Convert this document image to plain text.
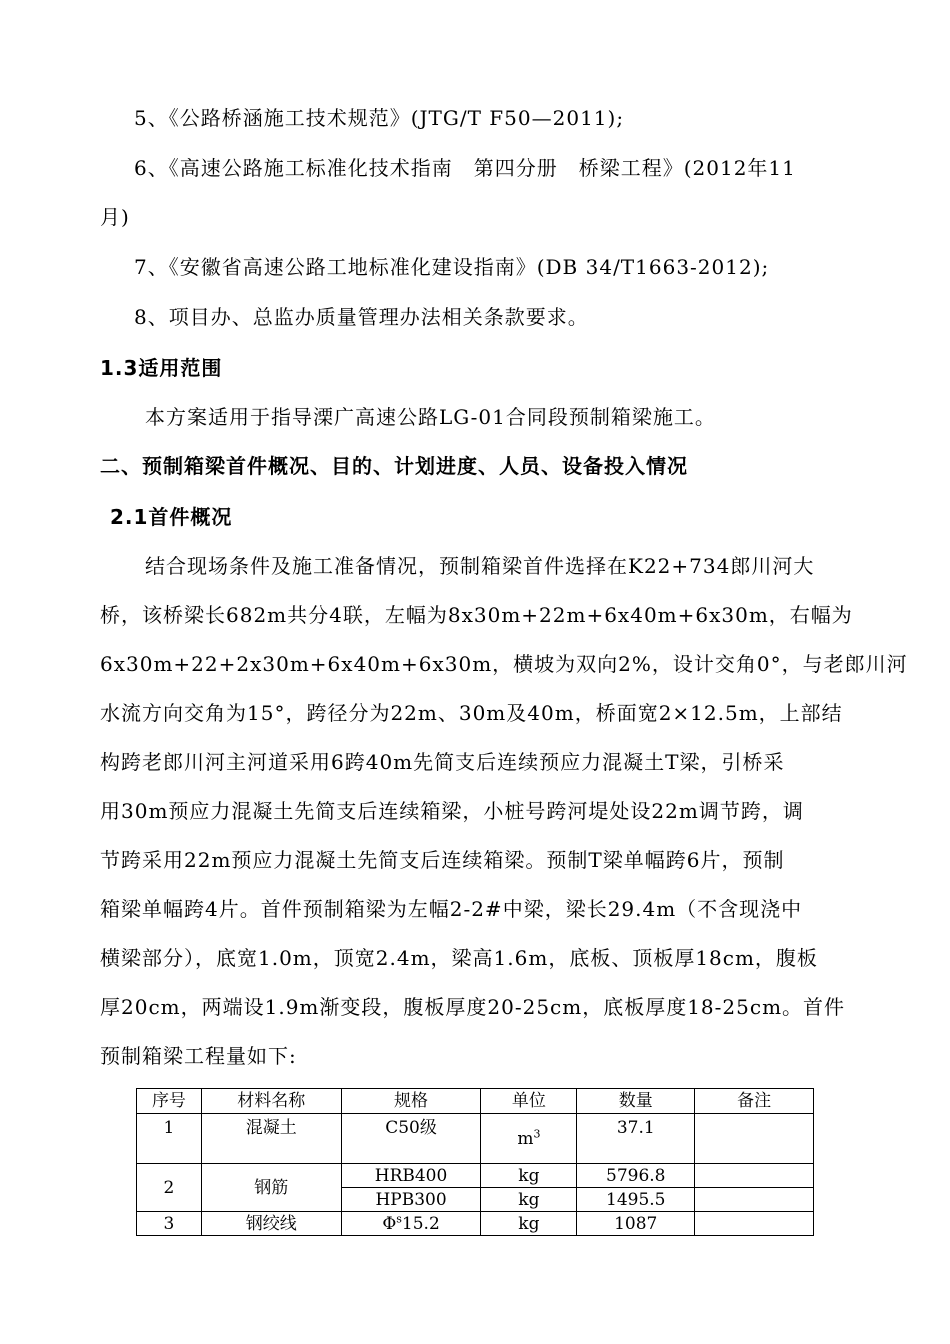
5、《公路桥涵施工技术规范》(JTG/T F50—2011);
6、《高速公路施工标准化技术指南　第四分册　桥梁工程》(2012年11
月)
7、《安徽省高速公路工地标准化建设指南》(DB 34/T1663-2012);
8、项目办、总监办质量管理办法相关条款要求。
1.3适用范围
本方案适用于指导溧广高速公路LG-01合同段预制箱梁施工。
二、预制箱梁首件概况、目的、计划进度、人员、设备投入情况
2.1首件概况
结合现场条件及施工准备情况，预制箱梁首件选择在K22+734郎川河大
桥，该桥梁长682m共分4联，左幅为8x30m+22m+6x40m+6x30m，右幅为
6x30m+22+2x30m+6x40m+6x30m，横坡为双向2%，设计交角0°，与老郎川河
水流方向交角为15°，跨径分为22m、30m及40m，桥面宽2×12.5m，上部结
构跨老郎川河主河道采用6跨40m先简支后连续预应力混凝土T梁，引桥采
用30m预应力混凝土先简支后连续箱梁，小桩号跨河堤处设22m调节跨，调
节跨采用22m预应力混凝土先简支后连续箱梁。预制T梁单幅跨6片，预制
箱梁单幅跨4片。首件预制箱梁为左幅2-2#中梁，梁长29.4m（不含现浇中
横梁部分），底宽1.0m，顶宽2.4m，梁高1.6m，底板、顶板厚18cm，腹板
厚20cm，两端设1.9m渐变段，腹板厚度20-25cm，底板厚度18-25cm。首件
预制箱梁工程量如下:
序号	材料名称	规格	单位	数量	备注
1	混凝土	C50级	$m^3$	37.1	
2	钢筋	HRB400	kg	5796.8	
		HPB300	kg	1495.5	
3	钢绞线	$\Phi^s15.2$	kg	1087	
